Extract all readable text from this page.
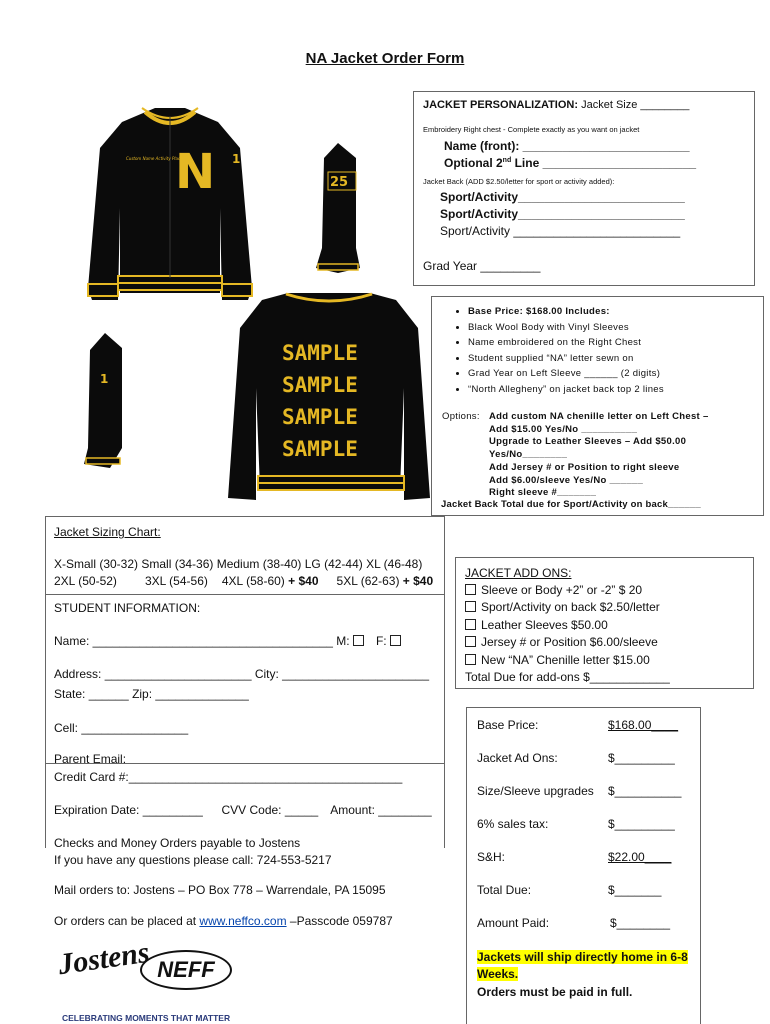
NA Jacket Order Form
N 1
Custom Name Activity Place
25
1
SAMPLE
SAMPLE
SAMPLE
SAMPLE
JACKET PERSONALIZATION: Jacket Size ________
Embroidery Right chest - Complete exactly as you want on jacket
Name (front): _________________________
Optional 2nd Line _______________________
Jacket Back (ADD $2.50/letter for sport or activity added):
Sport/Activity_________________________
Sport/Activity_________________________
Sport/Activity _________________________
Grad Year _________
• Base Price: $168.00 Includes:
• Black Wool Body with Vinyl Sleeves
• Name embroidered on the Right Chest
• Student supplied “NA” letter sewn on
• Grad Year on Left Sleeve ______ (2 digits)
• “North Allegheny” on jacket back top 2 lines
Options: Add custom NA chenille letter on Left Chest –
Add $15.00 Yes/No __________
Upgrade to Leather Sleeves – Add $50.00
Yes/No________
Add Jersey # or Position to right sleeve
Add $6.00/sleeve Yes/No ______
Right sleeve #_______
Jacket Back Total due for Sport/Activity on back______
Jacket Sizing Chart:
X-Small (30-32) Small (34-36) Medium (38-40) LG (42-44) XL (46-48)
2XL (50-52) 3XL (54-56) 4XL (58-60) + $40 5XL (62-63) + $40
JACKET ADD ONS:
Sleeve or Body +2” or -2” $ 20
Sport/Activity on back $2.50/letter
Leather Sleeves $50.00
Jersey # or Position $6.00/sleeve
New “NA” Chenille letter $15.00
Total Due for add-ons $____________
STUDENT INFORMATION:
Name: ____________________________________ M: F:
Address: ______________________ City: ______________________
State: ______ Zip: ______________
Cell: ________________
Parent Email:
Credit Card #:_________________________________________
Expiration Date: _________ CVV Code: _____ Amount: ________
Checks and Money Orders payable to Jostens
If you have any questions please call: 724-553-5217
Mail orders to: Jostens – PO Box 778 – Warrendale, PA 15095
Or orders can be placed at www.neffco.com –Passcode 059787
Jostens NEFF
CELEBRATING MOMENTS THAT MATTER
Base Price:	$168.00____
Jacket Ad Ons:	$_________
Size/Sleeve upgrades $__________
6% sales tax:	$_________
S&H:	$22.00____
Total Due:	$_______
Amount Paid:	$________
Jackets will ship directly home in 6-8
Weeks.
Orders must be paid in full.
